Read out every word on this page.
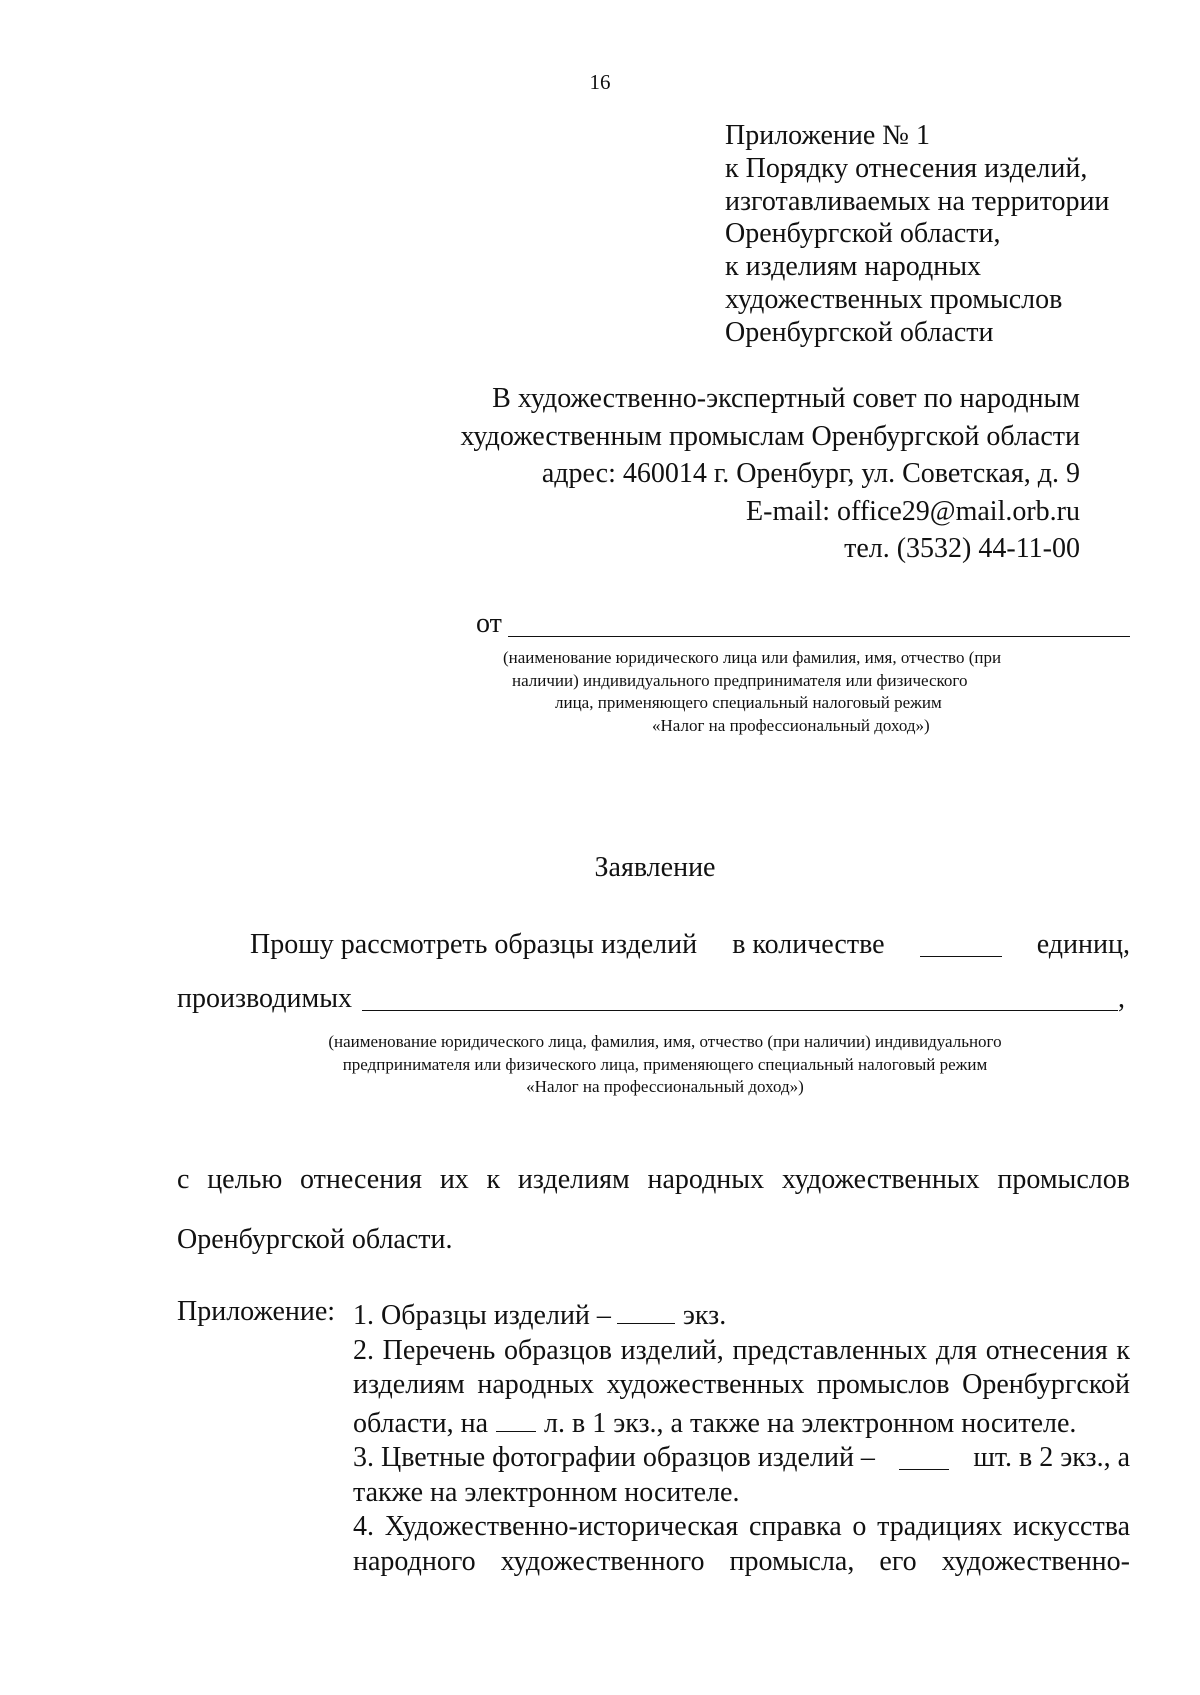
16
Приложение № 1
к Порядку отнесения изделий,
изготавливаемых на территории
Оренбургской области,
к изделиям народных
художественных промыслов
Оренбургской области
В художественно-экспертный совет по народным
художественным промыслам Оренбургской области
адрес: 460014 г. Оренбург, ул. Советская, д. 9
E-mail: office29@mail.orb.ru
тел. (3532) 44-11-00
от
(наименование юридического лица или фамилия, имя, отчество (при
наличии) индивидуального предпринимателя или физического
лица, применяющего специальный налоговый режим
«Налог на профессиональный доход»)
Заявление
Прошу рассмотреть образцы изделий в количестве	единиц,
производимых	,
(наименование юридического лица, фамилия, имя, отчество (при наличии) индивидуального
предпринимателя или физического лица, применяющего специальный налоговый режим
«Налог на профессиональный доход»)
с целью отнесения их к изделиям народных художественных промыслов
Оренбургской области.
Приложение: 1. Образцы изделий –	экз.
2. Перечень образцов изделий, представленных для отнесения к
изделиям народных художественных промыслов Оренбургской
области, на л. в 1 экз., а также на электронном носителе.
3. Цветные фотографии образцов изделий –	шт. в 2 экз., а
также на электронном носителе.
4. Художественно-историческая справка о традициях искусства
народного художественного промысла, его художественно-
